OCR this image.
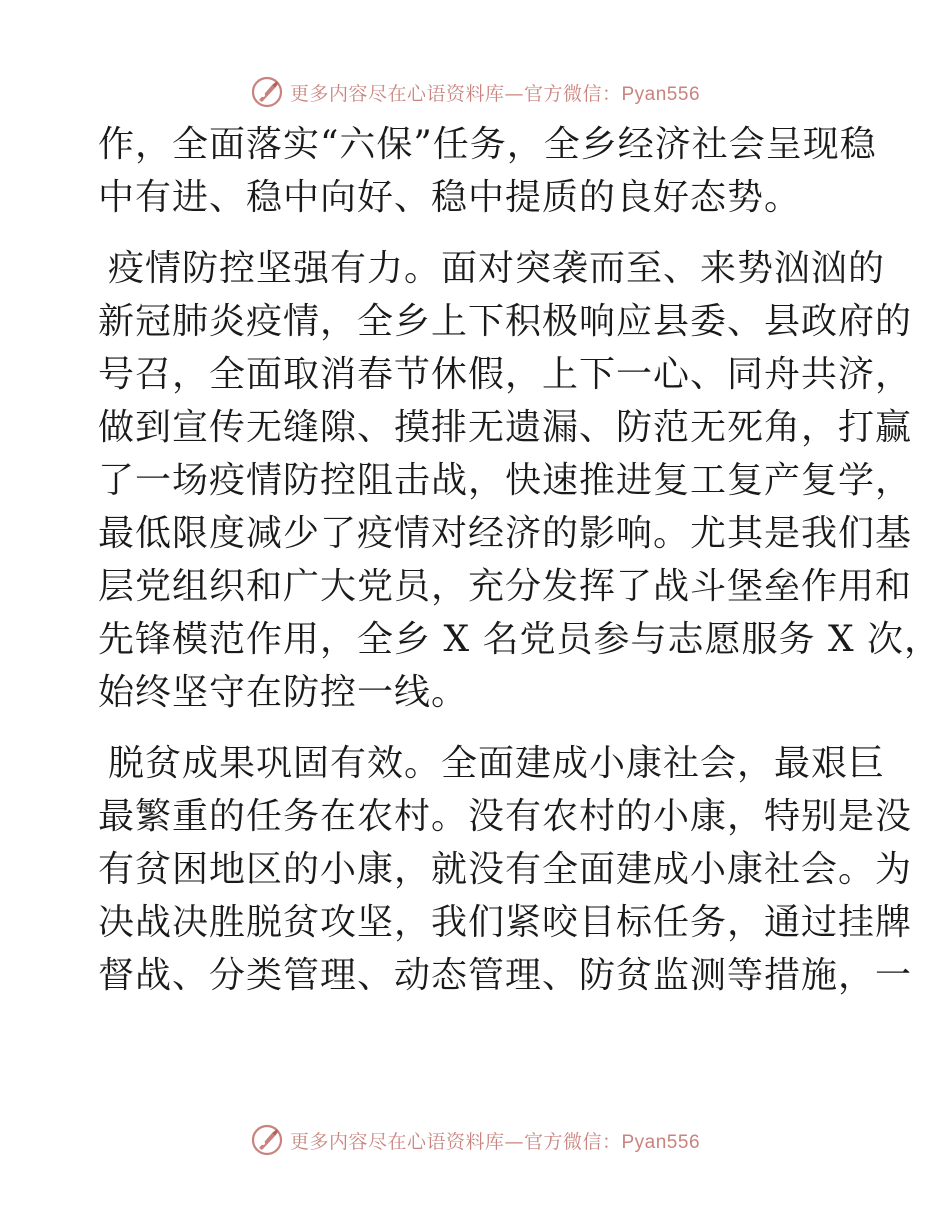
更多内容尽在心语资料库—官方微信：Pyan556
作，全面落实“六保”任务，全乡经济社会呈现稳
中有进、稳中向好、稳中提质的良好态势。
疫情防控坚强有力。面对突袭而至、来势汹汹的
新冠肺炎疫情，全乡上下积极响应县委、县政府的
号召，全面取消春节休假，上下一心、同舟共济，
做到宣传无缝隙、摸排无遗漏、防范无死角，打赢
了一场疫情防控阻击战，快速推进复工复产复学，
最低限度减少了疫情对经济的影响。尤其是我们基
层党组织和广大党员，充分发挥了战斗堡垒作用和
先锋模范作用，全乡 X 名党员参与志愿服务 X 次，
始终坚守在防控一线。
脱贫成果巩固有效。全面建成小康社会，最艰巨
最繁重的任务在农村。没有农村的小康，特别是没
有贫困地区的小康，就没有全面建成小康社会。为
决战决胜脱贫攻坚，我们紧咬目标任务，通过挂牌
督战、分类管理、动态管理、防贫监测等措施，一
更多内容尽在心语资料库—官方微信：Pyan556
